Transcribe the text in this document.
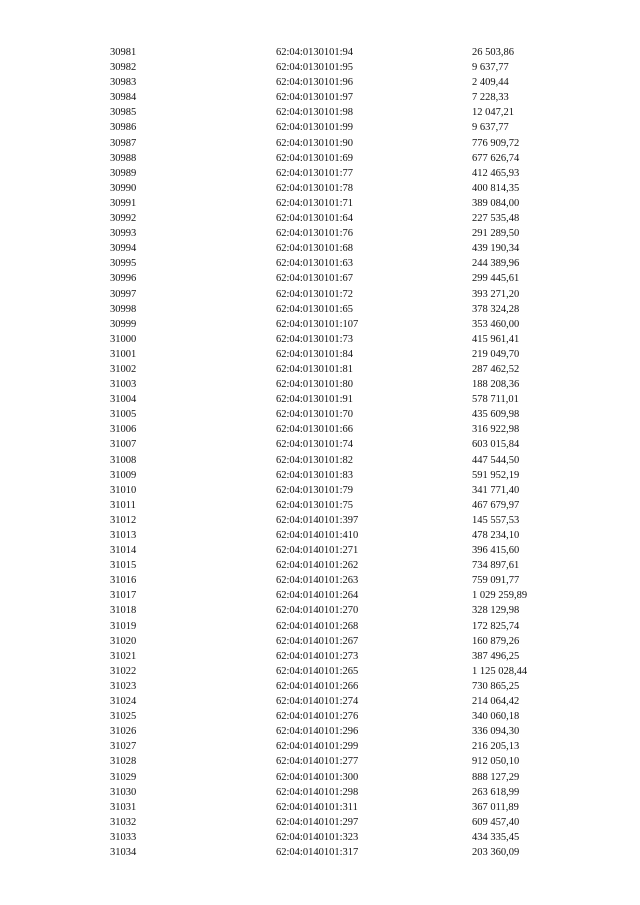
30981	62:04:0130101:94	26 503,86
30982	62:04:0130101:95	9 637,77
30983	62:04:0130101:96	2 409,44
30984	62:04:0130101:97	7 228,33
30985	62:04:0130101:98	12 047,21
30986	62:04:0130101:99	9 637,77
30987	62:04:0130101:90	776 909,72
30988	62:04:0130101:69	677 626,74
30989	62:04:0130101:77	412 465,93
30990	62:04:0130101:78	400 814,35
30991	62:04:0130101:71	389 084,00
30992	62:04:0130101:64	227 535,48
30993	62:04:0130101:76	291 289,50
30994	62:04:0130101:68	439 190,34
30995	62:04:0130101:63	244 389,96
30996	62:04:0130101:67	299 445,61
30997	62:04:0130101:72	393 271,20
30998	62:04:0130101:65	378 324,28
30999	62:04:0130101:107	353 460,00
31000	62:04:0130101:73	415 961,41
31001	62:04:0130101:84	219 049,70
31002	62:04:0130101:81	287 462,52
31003	62:04:0130101:80	188 208,36
31004	62:04:0130101:91	578 711,01
31005	62:04:0130101:70	435 609,98
31006	62:04:0130101:66	316 922,98
31007	62:04:0130101:74	603 015,84
31008	62:04:0130101:82	447 544,50
31009	62:04:0130101:83	591 952,19
31010	62:04:0130101:79	341 771,40
31011	62:04:0130101:75	467 679,97
31012	62:04:0140101:397	145 557,53
31013	62:04:0140101:410	478 234,10
31014	62:04:0140101:271	396 415,60
31015	62:04:0140101:262	734 897,61
31016	62:04:0140101:263	759 091,77
31017	62:04:0140101:264	1 029 259,89
31018	62:04:0140101:270	328 129,98
31019	62:04:0140101:268	172 825,74
31020	62:04:0140101:267	160 879,26
31021	62:04:0140101:273	387 496,25
31022	62:04:0140101:265	1 125 028,44
31023	62:04:0140101:266	730 865,25
31024	62:04:0140101:274	214 064,42
31025	62:04:0140101:276	340 060,18
31026	62:04:0140101:296	336 094,30
31027	62:04:0140101:299	216 205,13
31028	62:04:0140101:277	912 050,10
31029	62:04:0140101:300	888 127,29
31030	62:04:0140101:298	263 618,99
31031	62:04:0140101:311	367 011,89
31032	62:04:0140101:297	609 457,40
31033	62:04:0140101:323	434 335,45
31034	62:04:0140101:317	203 360,09
